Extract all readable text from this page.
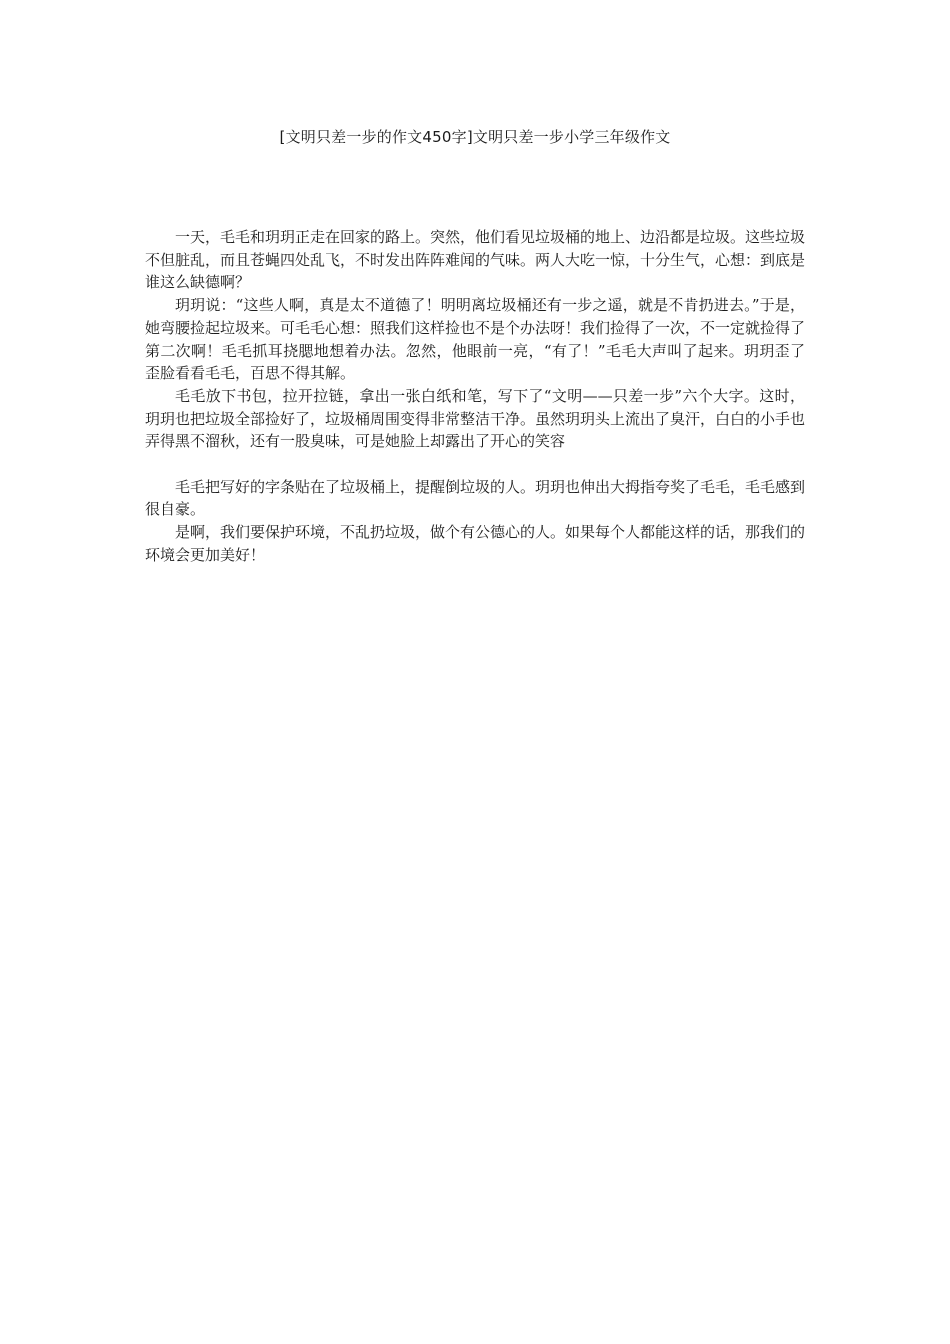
[文明只差一步的作文450字]文明只差一步小学三年级作文

一天，毛毛和玥玥正走在回家的路上。突然，他们看见垃圾桶的地上、边沿都是垃圾。这些垃圾不但脏乱，而且苍蝇四处乱飞，不时发出阵阵难闻的气味。两人大吃一惊，十分生气，心想：到底是谁这么缺德啊？

玥玥说：“这些人啊，真是太不道德了！明明离垃圾桶还有一步之遥，就是不肯扔进去。”于是，她弯腰捡起垃圾来。可毛毛心想：照我们这样捡也不是个办法呀！我们捡得了一次，不一定就捡得了第二次啊！毛毛抓耳挠腮地想着办法。忽然，他眼前一亮，“有了！”毛毛大声叫了起来。玥玥歪了歪脸看看毛毛，百思不得其解。

毛毛放下书包，拉开拉链，拿出一张白纸和笔，写下了“文明——只差一步”六个大字。这时，玥玥也把垃圾全部捡好了，垃圾桶周围变得非常整洁干净。虽然玥玥头上流出了臭汗，白白的小手也弄得黑不溜秋，还有一股臭味，可是她脸上却露出了开心的笑容

毛毛把写好的字条贴在了垃圾桶上，提醒倒垃圾的人。玥玥也伸出大拇指夸奖了毛毛，毛毛感到很自豪。

是啊，我们要保护环境，不乱扔垃圾，做个有公德心的人。如果每个人都能这样的话，那我们的环境会更加美好！
